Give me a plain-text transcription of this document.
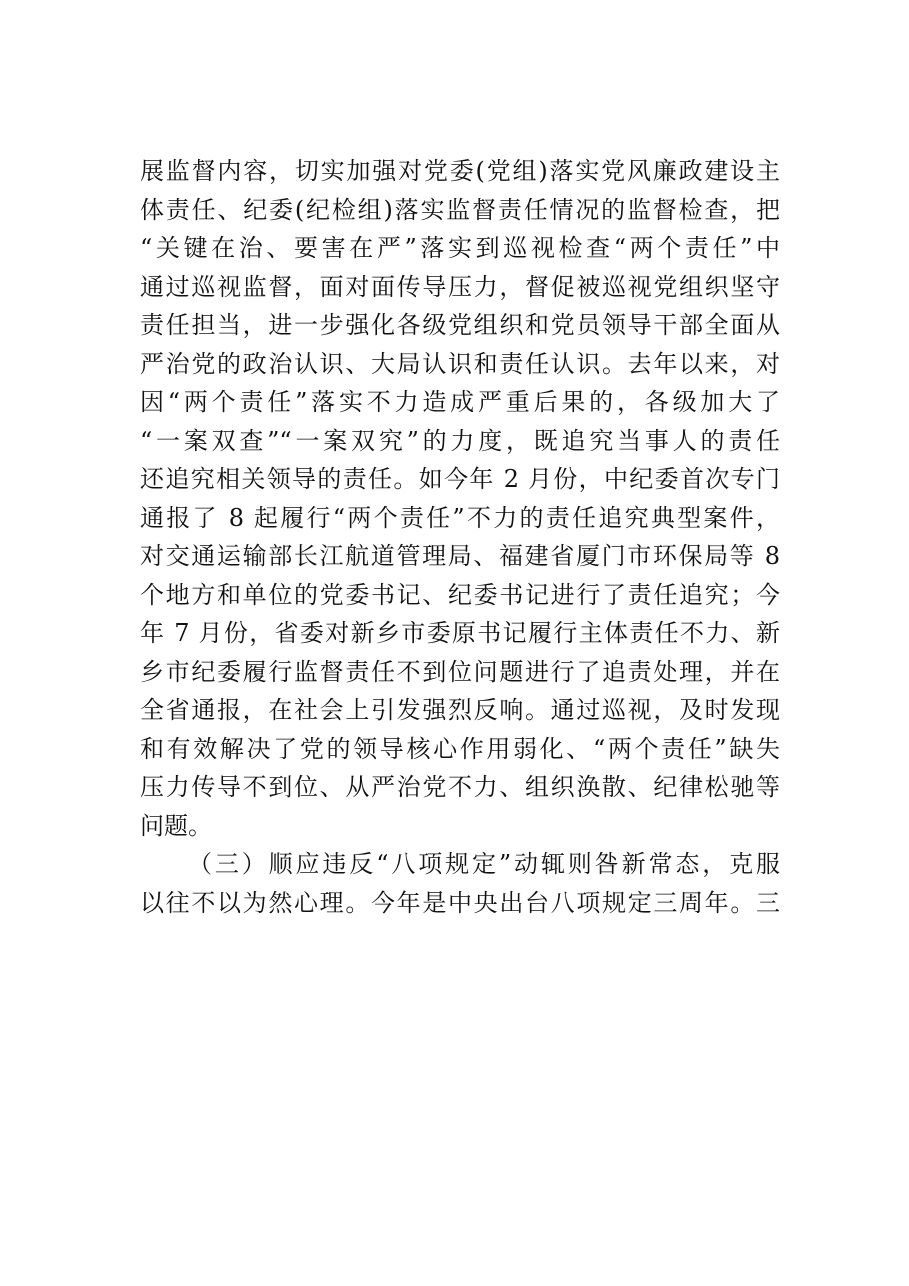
展监督内容，切实加强对党委(党组)落实党风廉政建设主
体责任、纪委(纪检组)落实监督责任情况的监督检查，把
“关键在治、要害在严”落实到巡视检查“两个责任”中
通过巡视监督，面对面传导压力，督促被巡视党组织坚守
责任担当，进一步强化各级党组织和党员领导干部全面从
严治党的政治认识、大局认识和责任认识。去年以来，对
因“两个责任”落实不力造成严重后果的，各级加大了
“一案双查”“一案双究”的力度，既追究当事人的责任
还追究相关领导的责任。如今年 2 月份，中纪委首次专门
通报了 8 起履行“两个责任”不力的责任追究典型案件，
对交通运输部长江航道管理局、福建省厦门市环保局等 8
个地方和单位的党委书记、纪委书记进行了责任追究；今
年 7 月份，省委对新乡市委原书记履行主体责任不力、新
乡市纪委履行监督责任不到位问题进行了追责处理，并在
全省通报，在社会上引发强烈反响。通过巡视，及时发现
和有效解决了党的领导核心作用弱化、“两个责任”缺失
压力传导不到位、从严治党不力、组织涣散、纪律松驰等
问题。
（三）顺应违反“八项规定”动辄则咎新常态，克服
以往不以为然心理。今年是中央出台八项规定三周年。三
